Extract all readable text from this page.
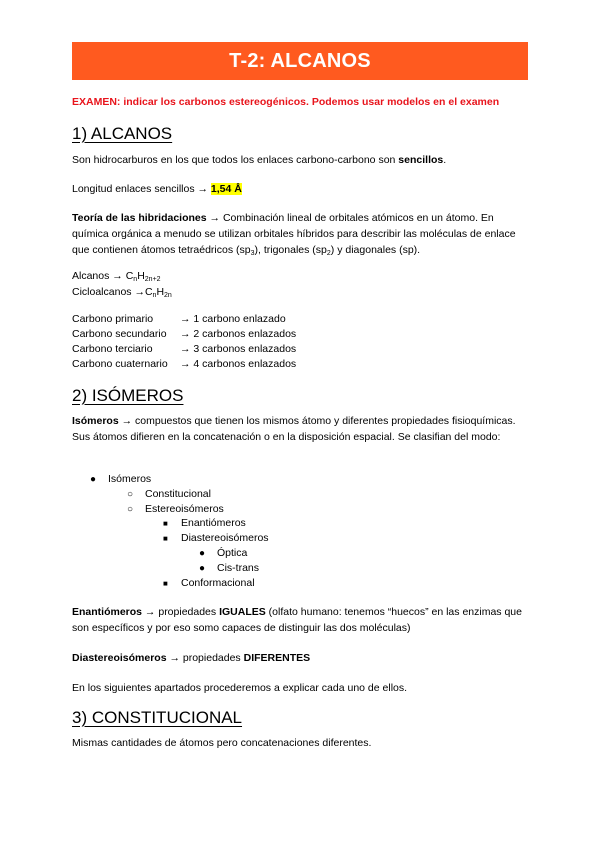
T-2: ALCANOS
EXAMEN: indicar los carbonos estereogénicos. Podemos usar modelos en el examen
1) ALCANOS
Son hidrocarburos en los que todos los enlaces carbono-carbono son sencillos.
Longitud enlaces sencillos → 1,54 Å
Teoría de las hibridaciones → Combinación lineal de orbitales atómicos en un átomo. En química orgánica a menudo se utilizan orbitales híbridos para describir las moléculas de enlace que contienen átomos tetraédricos $(sp_3)$, trigonales $(sp_2)$ y diagonales (sp).
Alcanos → $C_nH_{2n+2}$
Cicloalcanos $\to C_nH_{2n}$
Carbono primario	→ 1 carbono enlazado
Carbono secundario → 2 carbonos enlazados
Carbono terciario	→ 3 carbonos enlazados
Carbono cuaternario → 4 carbonos enlazados
2) ISÓMEROS
Isómeros → compuestos que tienen los mismos átomo y diferentes propiedades fisioquímicas. Sus átomos difieren en la concatenación o en la disposición espacial. Se clasifian del modo:
● Isómeros
○ Constitucional
○ Estereoisómeros
■ Enantiómeros
■ Diastereoisómeros
● Óptica
● Cis-trans
■ Conformacional
Enantiómeros → propiedades IGUALES (olfato humano: tenemos “huecos” en las enzimas que son específicos y por eso somo capaces de distinguir las dos moléculas)
Diastereoisómeros → propiedades DIFERENTES
En los siguientes apartados procederemos a explicar cada uno de ellos.
3) CONSTITUCIONAL
Mismas cantidades de átomos pero concatenaciones diferentes.
